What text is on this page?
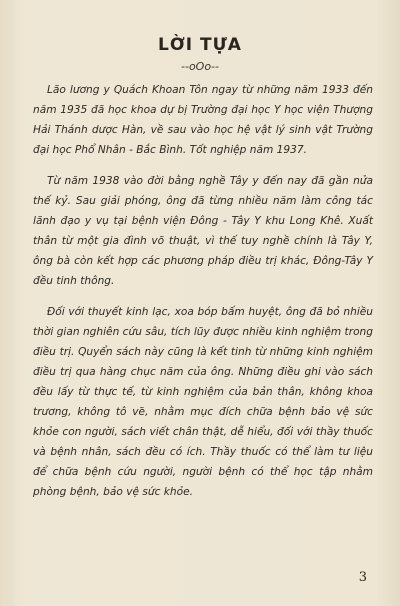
LỜI TỰA
--oOo--

Lão lương y Quách Khoan Tôn ngay từ những năm 1933 đến năm 1935 đã học khoa dự bị Trường đại học Y học viện Thượng Hải Thánh dược Hàn, về sau vào học hệ vật lý sinh vật Trường đại học Phổ Nhân - Bắc Bình. Tốt nghiệp năm 1937.

Từ năm 1938 vào đời bằng nghề Tây y đến nay đã gần nửa thế kỷ. Sau giải phóng, ông đã từng nhiều năm làm công tác lãnh đạo y vụ tại bệnh viện Đông - Tây Y khu Long Khê. Xuất thân từ một gia đình võ thuật, vì thế tuy nghề chính là Tây Y, ông bà còn kết hợp các phương pháp điều trị khác, Đông-Tây Y đều tinh thông.

Đối với thuyết kinh lạc, xoa bóp bấm huyệt, ông đã bỏ nhiều thời gian nghiên cứu sâu, tích lũy được nhiều kinh nghiệm trong điều trị. Quyển sách này cũng là kết tinh từ những kinh nghiệm điều trị qua hàng chục năm của ông. Những điều ghi vào sách đều lấy từ thực tế, từ kinh nghiệm của bản thân, không khoa trương, không tô vẽ, nhằm mục đích chữa bệnh bảo vệ sức khỏe con người, sách viết chân thật, dễ hiểu, đối với thầy thuốc và bệnh nhân, sách đều có ích. Thầy thuốc có thể làm tư liệu để chữa bệnh cứu người, người bệnh có thể học tập nhằm phòng bệnh, bảo vệ sức khỏe.

3
